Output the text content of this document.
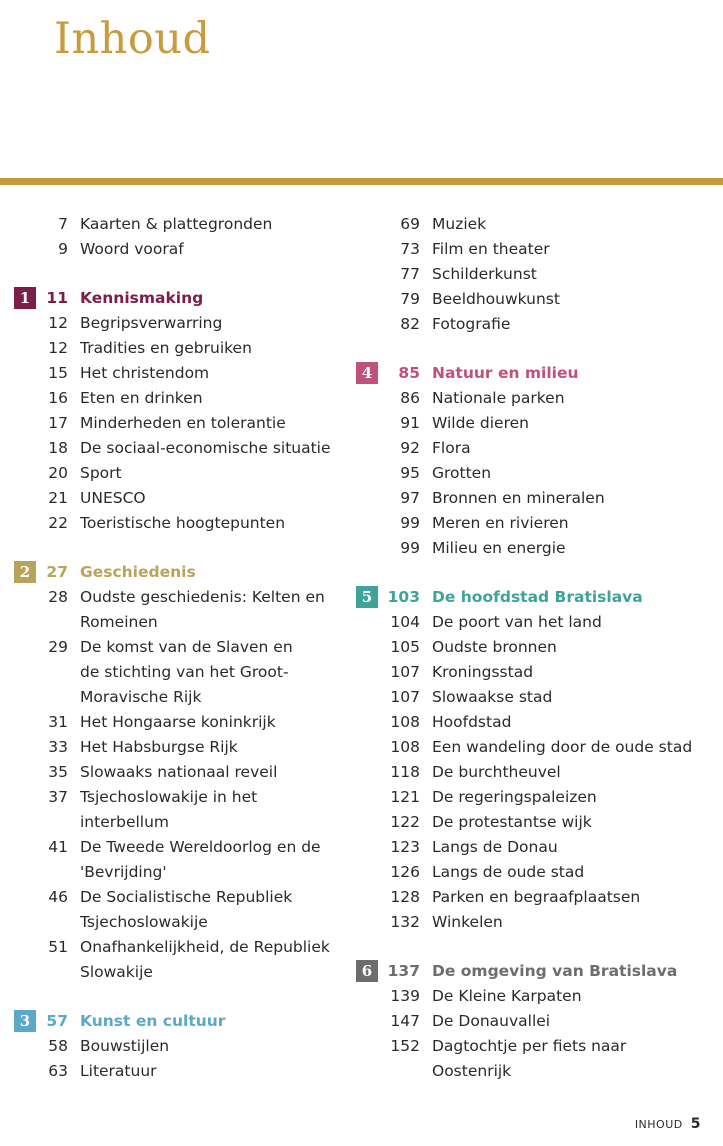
Inhoud
7 Kaarten & plattegronden
9 Woord vooraf
1	11 Kennismaking
12 Begripsverwarring
12 Tradities en gebruiken
15 Het christendom
16 Eten en drinken
17 Minderheden en tolerantie
18 De sociaal-economische situatie
20 Sport
21 UNESCO
22 Toeristische hoogtepunten
2	27 Geschiedenis
28 Oudste geschiedenis: Kelten en
Romeinen
29 De komst van de Slaven en
de stichting van het Groot-
Moravische Rijk
31 Het Hongaarse koninkrijk
33 Het Habsburgse Rijk
35 Slowaaks nationaal reveil
37 Tsjechoslowakije in het
interbellum
41 De Tweede Wereldoorlog en de
'Bevrijding'
46 De Socialistische Republiek
Tsjechoslowakije
51 Onafhankelijkheid, de Republiek
Slowakije
3	57 Kunst en cultuur
58 Bouwstijlen
63 Literatuur
69 Muziek
73 Film en theater
77 Schilderkunst
79 Beeldhouwkunst
82 Fotografie
4	85 Natuur en milieu
86 Nationale parken
91 Wilde dieren
92 Flora
95 Grotten
97 Bronnen en mineralen
99 Meren en rivieren
99 Milieu en energie
5 103 De hoofdstad Bratislava
104 De poort van het land
105 Oudste bronnen
107 Kroningsstad
107 Slowaakse stad
108 Hoofdstad
108 Een wandeling door de oude stad
118 De burchtheuvel
121 De regeringspaleizen
122 De protestantse wijk
123 Langs de Donau
126 Langs de oude stad
128 Parken en begraafplaatsen
132 Winkelen
6 137 De omgeving van Bratislava
139 De Kleine Karpaten
147 De Donauvallei
152 Dagtochtje per fiets naar
Oostenrijk
INHOUD 5
